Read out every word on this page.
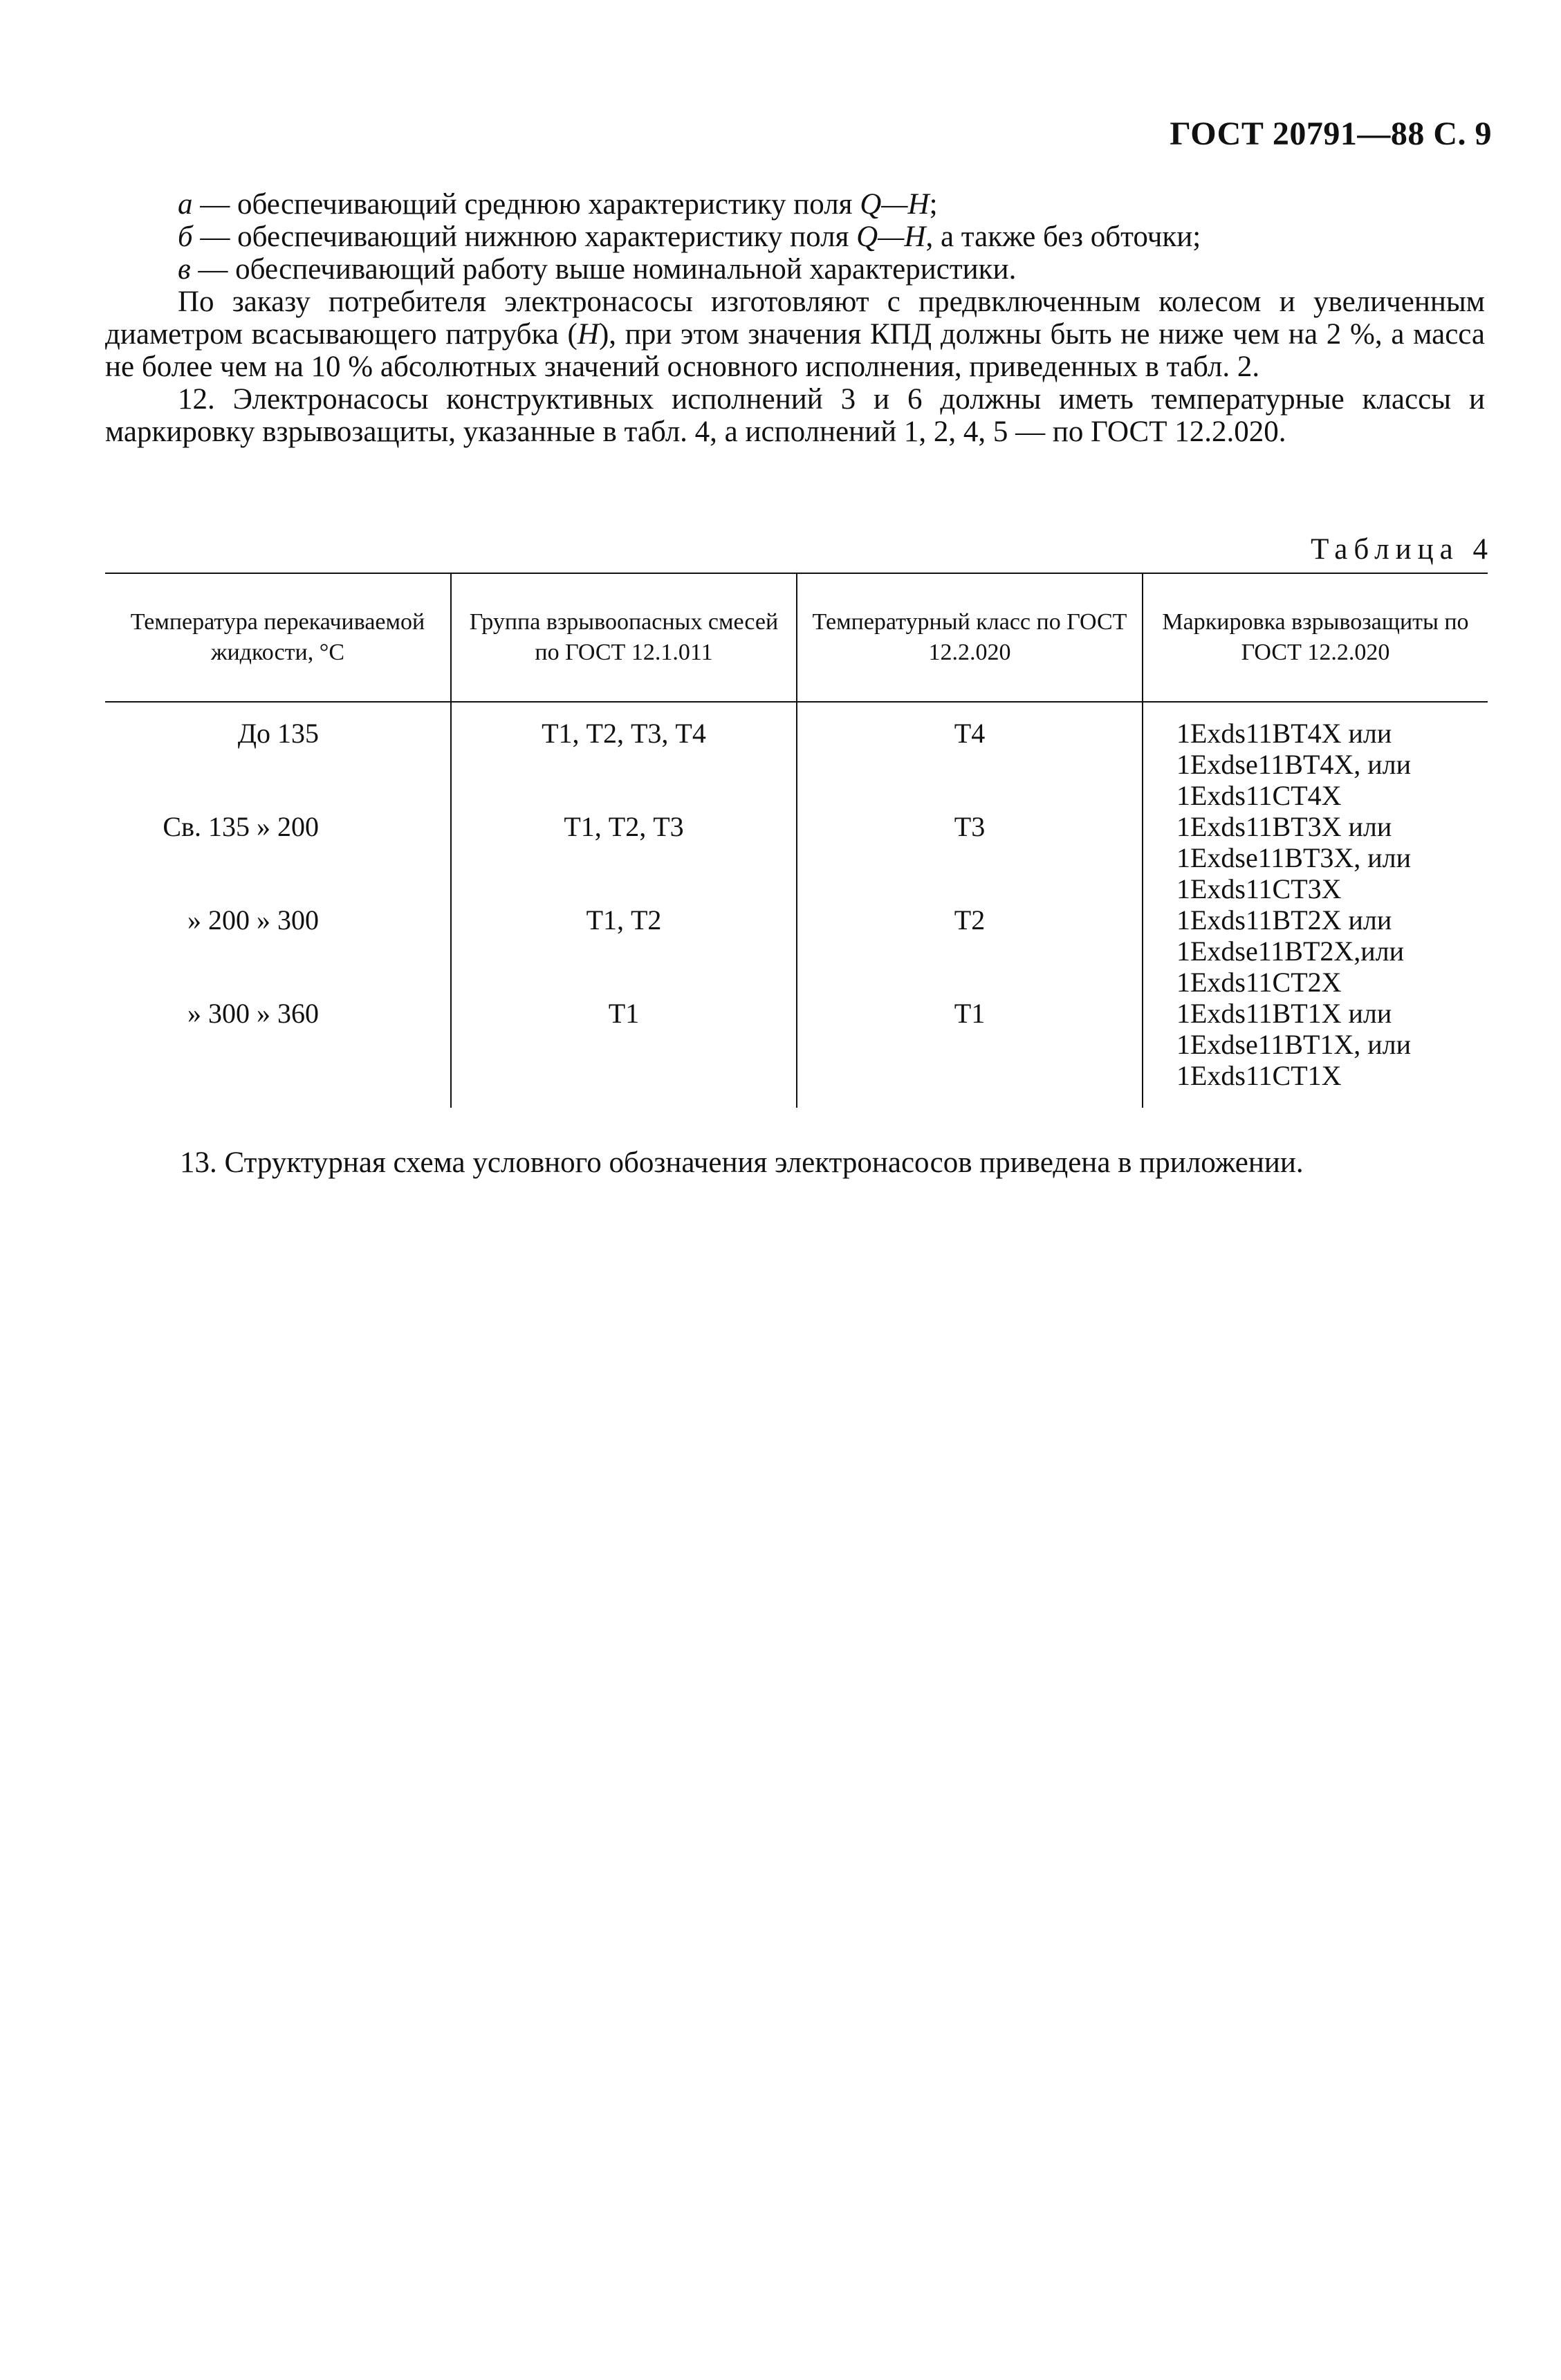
ГОСТ 20791—88 С. 9

а — обеспечивающий среднюю характеристику поля Q—H;

б — обеспечивающий нижнюю характеристику поля Q—H, а также без обточки;

в — обеспечивающий работу выше номинальной характеристики.

По заказу потребителя электронасосы изготовляют с предвключенным колесом и увеличенным диаметром всасывающего патрубка (Н), при этом значения КПД должны быть не ниже чем на 2 %, а масса не более чем на 10 % абсолютных значений основного исполнения, приведенных в табл. 2.

12. Электронасосы конструктивных исполнений 3 и 6 должны иметь температурные классы и маркировку взрывозащиты, указанные в табл. 4, а исполнений 1, 2, 4, 5 — по ГОСТ 12.2.020.

Таблица 4
Температура перекачиваемой жидкости, °С	Группа взрывоопасных смесей по ГОСТ 12.1.011	Температурный класс по ГОСТ 12.2.020	Маркировка взрывозащиты по ГОСТ 12.2.020
До 135	Т1, Т2, Т3, Т4	Т4	1Exds11BT4X или
1Exdse11BT4X, или
1Exds11CT4X

Св. 135 » 200	Т1, Т2, Т3	Т3	1Exds11BT3X или
1Exdse11BT3X, или
1Exds11CT3X

» 200 » 300	Т1, Т2	Т2	1Exds11BT2X или
1Exdse11BT2X,или
1Exds11CT2X

» 300 » 360	Т1	Т1	1Exds11BT1X или
1Exdse11BT1X, или
1Exds11CT1X
13. Структурная схема условного обозначения электронасосов приведена в приложении.
